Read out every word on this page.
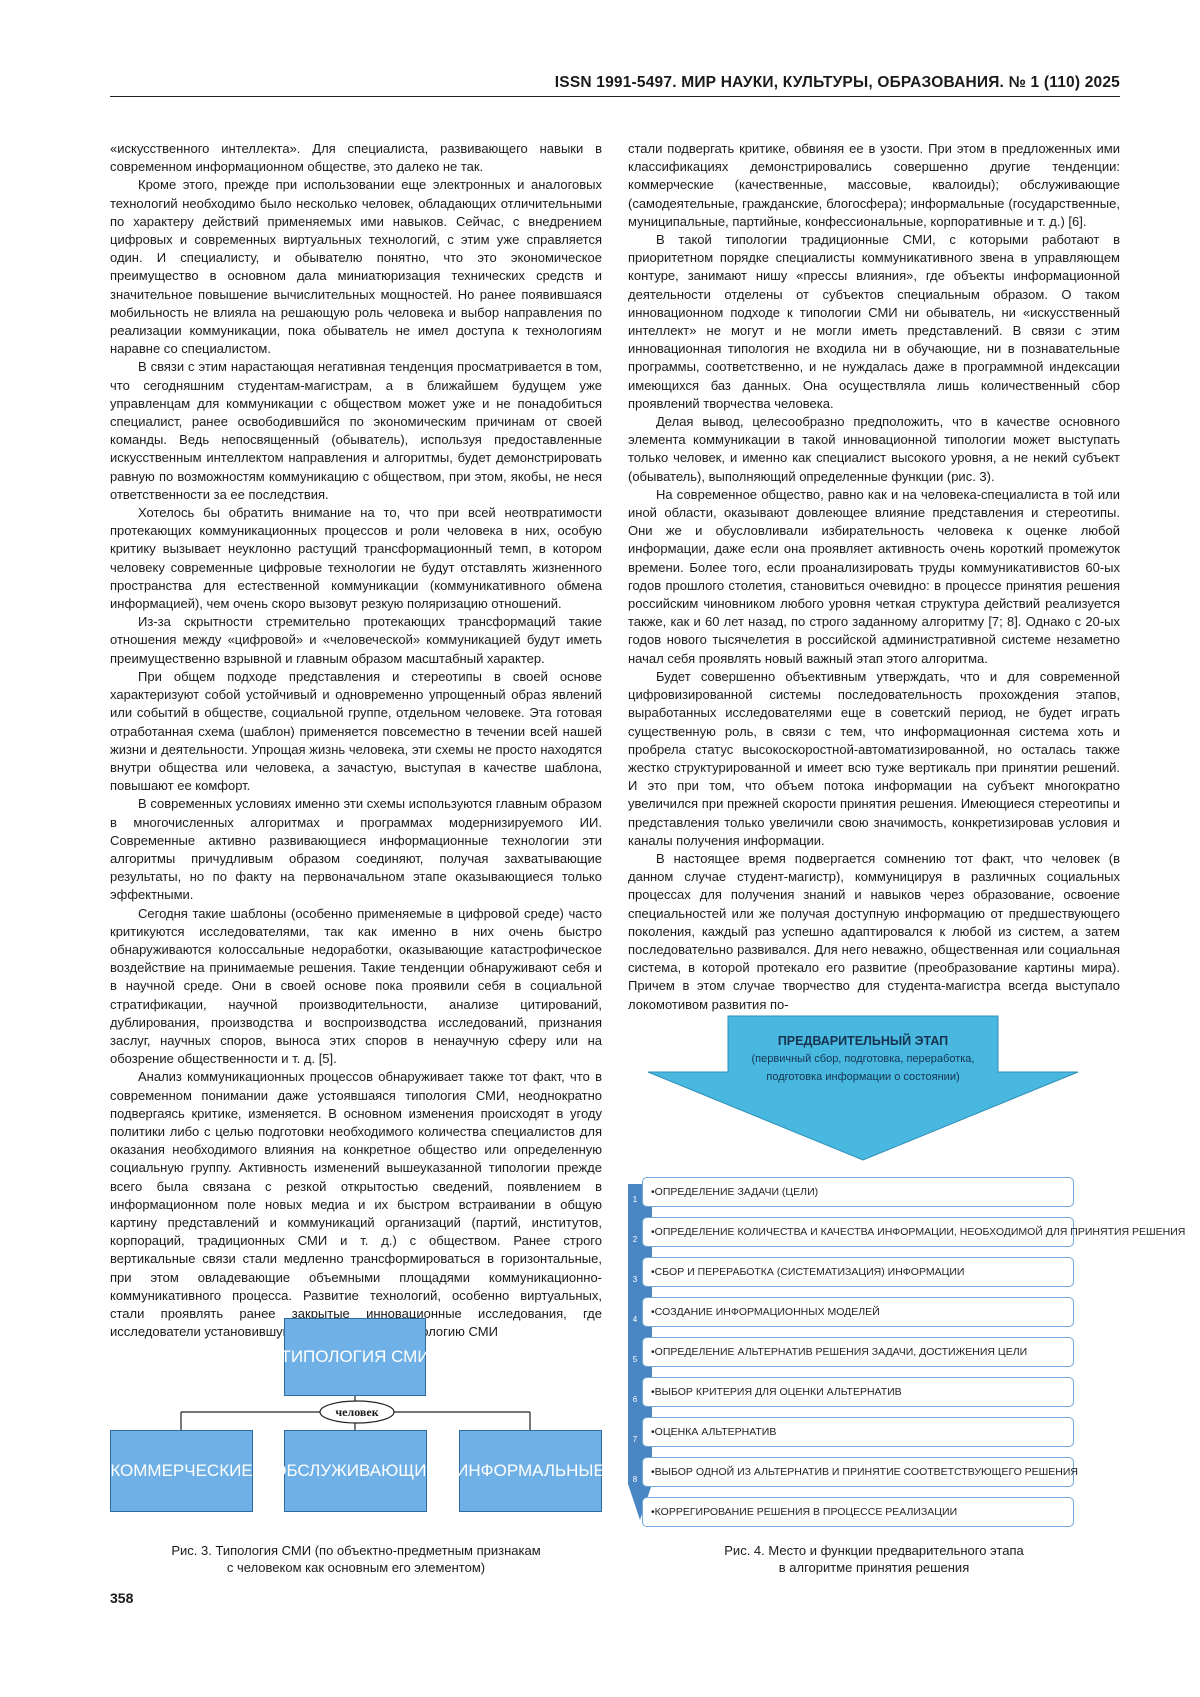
ISSN 1991-5497. МИР НАУКИ, КУЛЬТУРЫ, ОБРАЗОВАНИЯ. № 1 (110) 2025

«искусственного интеллекта». Для специалиста, развивающего навыки в современном информационном обществе, это далеко не так.

Кроме этого, прежде при использовании еще электронных и аналоговых технологий необходимо было несколько человек, обладающих отличительными по характеру действий применяемых ими навыков. Сейчас, с внедрением цифровых и современных виртуальных технологий, с этим уже справляется один. И специалисту, и обывателю понятно, что это экономическое преимущество в основном дала миниатюризация технических средств и значительное повышение вычислительных мощностей. Но ранее появившаяся мобильность не влияла на решающую роль человека и выбор направления по реализации коммуникации, пока обыватель не имел доступа к технологиям наравне со специалистом.

В связи с этим нарастающая негативная тенденция просматривается в том, что сегодняшним студентам-магистрам, а в ближайшем будущем уже управленцам для коммуникации с обществом может уже и не понадобиться специалист, ранее освободившийся по экономическим причинам от своей команды. Ведь непосвященный (обыватель), используя предоставленные искусственным интеллектом направления и алгоритмы, будет демонстрировать равную по возможностям коммуникацию с обществом, при этом, якобы, не неся ответственности за ее последствия.

Хотелось бы обратить внимание на то, что при всей неотвратимости протекающих коммуникационных процессов и роли человека в них, особую критику вызывает неуклонно растущий трансформационный темп, в котором человеку современные цифровые технологии не будут отставлять жизненного пространства для естественной коммуникации (коммуникативного обмена информацией), чем очень скоро вызовут резкую поляризацию отношений.

Из-за скрытности стремительно протекающих трансформаций такие отношения между «цифровой» и «человеческой» коммуникацией будут иметь преимущественно взрывной и главным образом масштабный характер.

При общем подходе представления и стереотипы в своей основе характеризуют собой устойчивый и одновременно упрощенный образ явлений или событий в обществе, социальной группе, отдельном человеке. Эта готовая отработанная схема (шаблон) применяется повсеместно в течении всей нашей жизни и деятельности. Упрощая жизнь человека, эти схемы не просто находятся внутри общества или человека, а зачастую, выступая в качестве шаблона, повышают ее комфорт.

В современных условиях именно эти схемы используются главным образом в многочисленных алгоритмах и программах модернизируемого ИИ. Современные активно развивающиеся информационные технологии эти алгоритмы причудливым образом соединяют, получая захватывающие результаты, но по факту на первоначальном этапе оказывающиеся только эффектными.

Сегодня такие шаблоны (особенно применяемые в цифровой среде) часто критикуются исследователями, так как именно в них очень быстро обнаруживаются колоссальные недоработки, оказывающие катастрофическое воздействие на принимаемые решения. Такие тенденции обнаруживают себя и в научной среде. Они в своей основе пока проявили себя в социальной стратификации, научной производительности, анализе цитирований, дублирования, производства и воспроизводства исследований, признания заслуг, научных споров, выноса этих споров в ненаучную сферу или на обозрение общественности и т. д. [5].

Анализ коммуникационных процессов обнаруживает также тот факт, что в современном понимании даже устоявшаяся типология СМИ, неоднократно подвергаясь критике, изменяется. В основном изменения происходят в угоду политики либо с целью подготовки необходимого количества специалистов для оказания необходимого влияния на конкретное общество или определенную социальную группу. Активность изменений вышеуказанной типологии прежде всего была связана с резкой открытостью сведений, появлением в информационном поле новых медиа и их быстром встраивании в общую картину представлений и коммуникаций организаций (партий, институтов, корпораций, традиционных СМИ и т. д.) с обществом. Ранее строго вертикальные связи стали медленно трансформироваться в горизонтальные, при этом овладевающие объемными площадями коммуникационно-коммуникативного процесса. Развитие технологий, особенно виртуальных, стали проявлять ранее закрытые инновационные исследования, где исследователи установившуюся типологию СМИ

стали подвергать критике, обвиняя ее в узости. При этом в предложенных ими классификациях демонстрировались совершенно другие тенденции: коммерческие (качественные, массовые, квалоиды); обслуживающие (самодеятельные, гражданские, блогосфера); информальные (государственные, муниципальные, партийные, конфессиональные, корпоративные и т. д.) [6].

В такой типологии традиционные СМИ, с которыми работают в приоритетном порядке специалисты коммуникативного звена в управляющем контуре, занимают нишу «прессы влияния», где объекты информационной деятельности отделены от субъектов специальным образом. О таком инновационном подходе к типологии СМИ ни обыватель, ни «искусственный интеллект» не могут и не могли иметь представлений. В связи с этим инновационная типология не входила ни в обучающие, ни в познавательные программы, соответственно, и не нуждалась даже в программной индексации имеющихся баз данных. Она осуществляла лишь количественный сбор проявлений творчества человека.

Делая вывод, целесообразно предположить, что в качестве основного элемента коммуникации в такой инновационной типологии может выступать только человек, и именно как специалист высокого уровня, а не некий субъект (обыватель), выполняющий определенные функции (рис. 3).

На современное общество, равно как и на человека-специалиста в той или иной области, оказывают довлеющее влияние представления и стереотипы. Они же и обусловливали избирательность человека к оценке любой информации, даже если она проявляет активность очень короткий промежуток времени. Более того, если проанализировать труды коммуникативистов 60-ых годов прошлого столетия, становиться очевидно: в процессе принятия решения российским чиновником любого уровня четкая структура действий реализуется также, как и 60 лет назад, по строго заданному алгоритму [7; 8]. Однако с 20-ых годов нового тысячелетия в российской административной системе незаметно начал себя проявлять новый важный этап этого алгоритма.

Будет совершенно объективным утверждать, что и для современной цифровизированной системы последовательность прохождения этапов, выработанных исследователями еще в советский период, не будет играть существенную роль, в связи с тем, что информационная система хоть и пробрела статус высокоскоростной-автоматизированной, но осталась также жестко структурированной и имеет всю туже вертикаль при принятии решений. И это при том, что объем потока информации на субъект многократно увеличился при прежней скорости принятия решения. Имеющиеся стереотипы и представления только увеличили свою значимость, конкретизировав условия и каналы получения информации.

В настоящее время подвергается сомнению тот факт, что человек (в данном случае студент-магистр), коммуницируя в различных социальных процессах для получения знаний и навыков через образование, освоение специальностей или же получая доступную информацию от предшествующего поколения, каждый раз успешно адаптировался к любой из систем, а затем последовательно развивался. Для него неважно, общественная или социальная система, в которой протекало его развитие (преобразование картины мира). Причем в этом случае творчество для студента-магистра всегда выступало локомотивом развития по-

ТИПОЛОГИЯ СМИ
человек
КОММЕРЧЕСКИЕ ОБСЛУЖИВАЮЩИЕ ИНФОРМАЛЬНЫЕ
Рис. 3. Типология СМИ (по объектно-предметным признакам
с человеком как основным его элементом)
ПРЕДВАРИТЕЛЬНЫЙ ЭТАП
(первичный сбор, подготовка, переработка,
подготовка информации о состоянии)
•ОПРЕДЕЛЕНИЕ ЗАДАЧИ (ЦЕЛИ)
•ОПРЕДЕЛЕНИЕ КОЛИЧЕСТВА И КАЧЕСТВА ИНФОРМАЦИИ, НЕОБХОДИМОЙ ДЛЯ ПРИНЯТИЯ РЕШЕНИЯ
•СБОР И ПЕРЕРАБОТКА (СИСТЕМАТИЗАЦИЯ) ИНФОРМАЦИИ
•СОЗДАНИЕ ИНФОРМАЦИОННЫХ МОДЕЛЕЙ
•ОПРЕДЕЛЕНИЕ АЛЬТЕРНАТИВ РЕШЕНИЯ ЗАДАЧИ, ДОСТИЖЕНИЯ ЦЕЛИ
•ВЫБОР КРИТЕРИЯ ДЛЯ ОЦЕНКИ АЛЬТЕРНАТИВ
•ОЦЕНКА АЛЬТЕРНАТИВ
•ВЫБОР ОДНОЙ ИЗ АЛЬТЕРНАТИВ И ПРИНЯТИЕ СООТВЕТСТВУЮЩЕГО РЕШЕНИЯ
•КОРРЕГИРОВАНИЕ РЕШЕНИЯ В ПРОЦЕССЕ РЕАЛИЗАЦИИ
1
2
3
4
5
6
7
8
9
Рис. 4. Место и функции предварительного этапа
в алгоритме принятия решения
358
